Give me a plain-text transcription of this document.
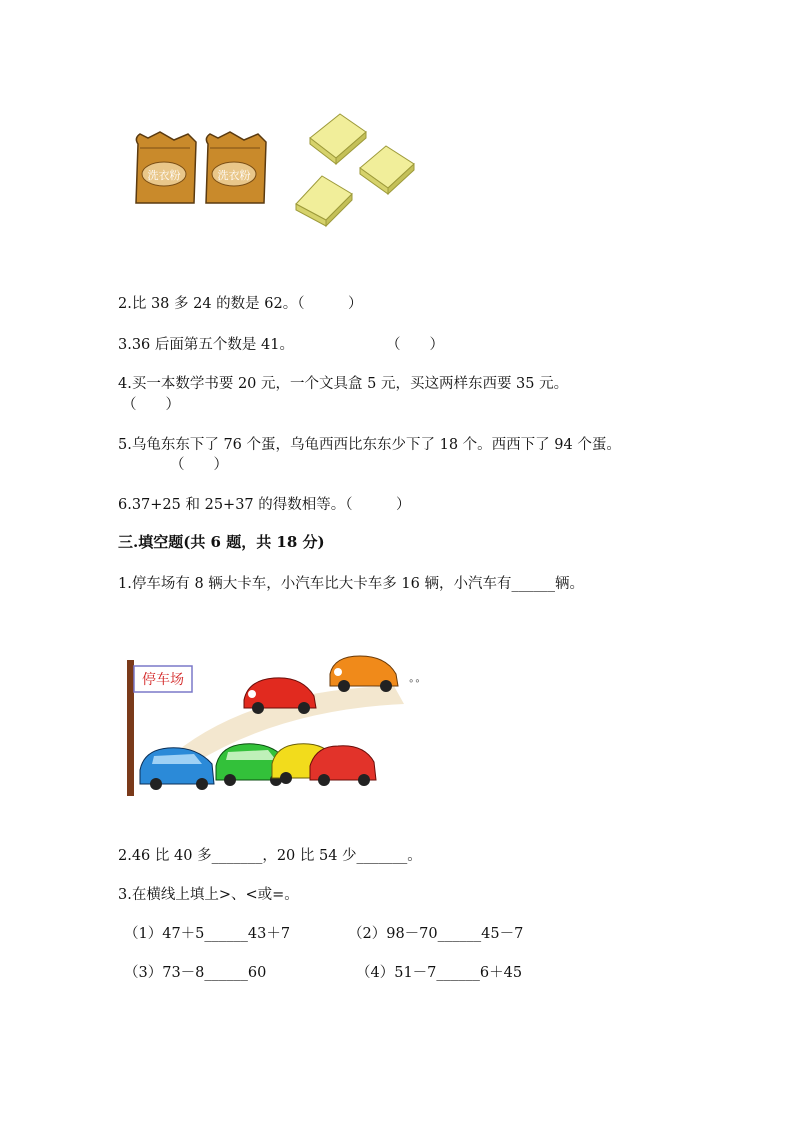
洗衣粉	洗衣粉
2.比 38 多 24 的数是 62。（　　　）
3.36 后面第五个数是 41。	（　　）
4.买一本数学书要 20 元，一个文具盒 5 元，买这两样东西要 35 元。
（　　）
5.乌龟东东下了 76 个蛋，乌龟西西比东东少下了 18 个。西西下了 94 个蛋。
（　　）
6.37+25 和 25+37 的得数相等。（　　　）
三.填空题(共 6 题，共 18 分)
1.停车场有 8 辆大卡车，小汽车比大卡车多 16 辆，小汽车有______辆。
停车场	∘∘
2.46 比 40 多_______，20 比 54 少_______。
3.在横线上填上>、<或=。
（1）47＋5______43＋7	（2）98－70______45－7
（3）73－8______60	（4）51－7______6＋45
